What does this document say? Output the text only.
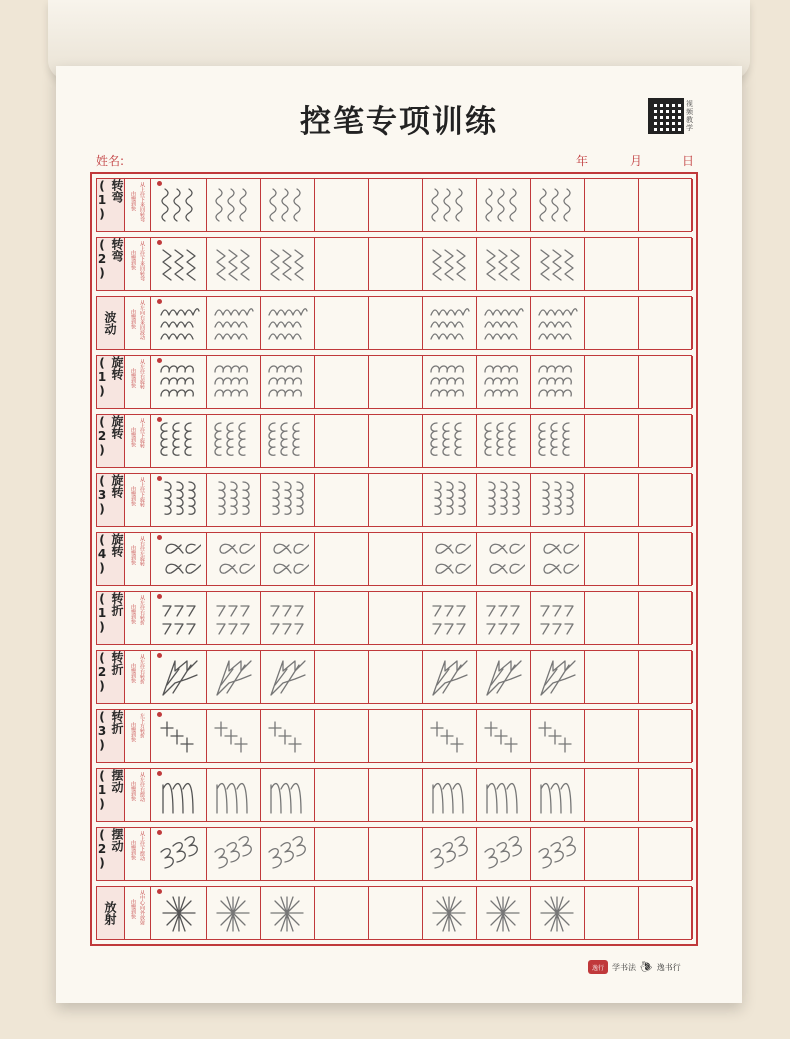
控笔专项训练	视频教学
姓名:	年	月	日
转弯(1)	从上往下来回转弯
由慢到快
转弯(2)	从上往下来回转弯
由慢到快
波动	从左向右来回波动
由慢到快
旋转(1)	从左往右旋转
由慢到快
旋转(2)	从上往下旋转
由慢到快
旋转(3)	从上往下旋转
由慢到快
旋转(4)	从右往左旋转
由慢到快
转折(1)	从左往右转折
由慢到快
转折(2)	从左往右转折
由慢到快
转折(3)	左下方转折
由慢到快
摆动(1)	从左往右摆动
由慢到快
摆动(2)	从上往下摆动
由慢到快
放射	从中心向外放射
由慢到快
逸行	学书法 🐌︎ 逸书行
